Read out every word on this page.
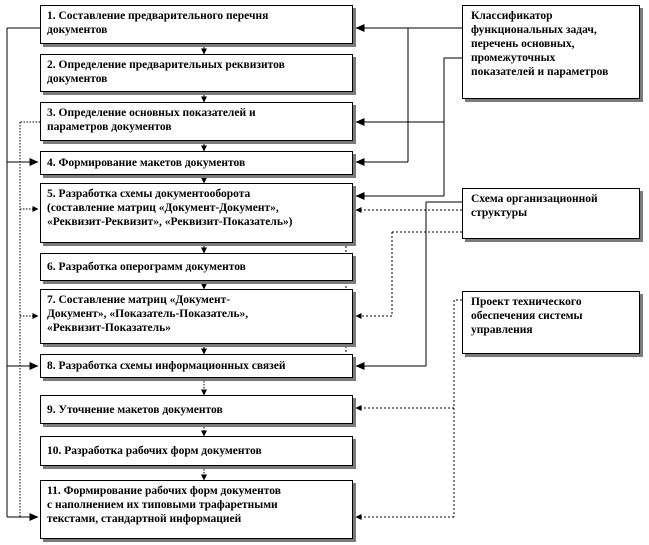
1. Составление предварительного перечня
документов
2. Определение предварительных реквизитов
документов
3. Определение основных показателей и
параметров документов
4. Формирование макетов документов
5. Разработка схемы документооборота
(составление матриц «Документ-Документ»,
«Реквизит-Реквизит», «Реквизит-Показатель»)
6. Разработка оперограмм документов
7. Составление матриц «Документ-
Документ», «Показатель-Показатель»,
«Реквизит-Показатель»
8. Разработка схемы информационных связей
9. Уточнение макетов документов
10. Разработка рабочих форм документов
11. Формирование рабочих форм документов
с наполнением их типовыми трафаретными
текстами, стандартной информацией
Классификатор
функциональных задач,
перечень основных,
промежуточных
показателей и параметров
Схема организационной
структуры
Проект технического
обеспечения системы
управления
